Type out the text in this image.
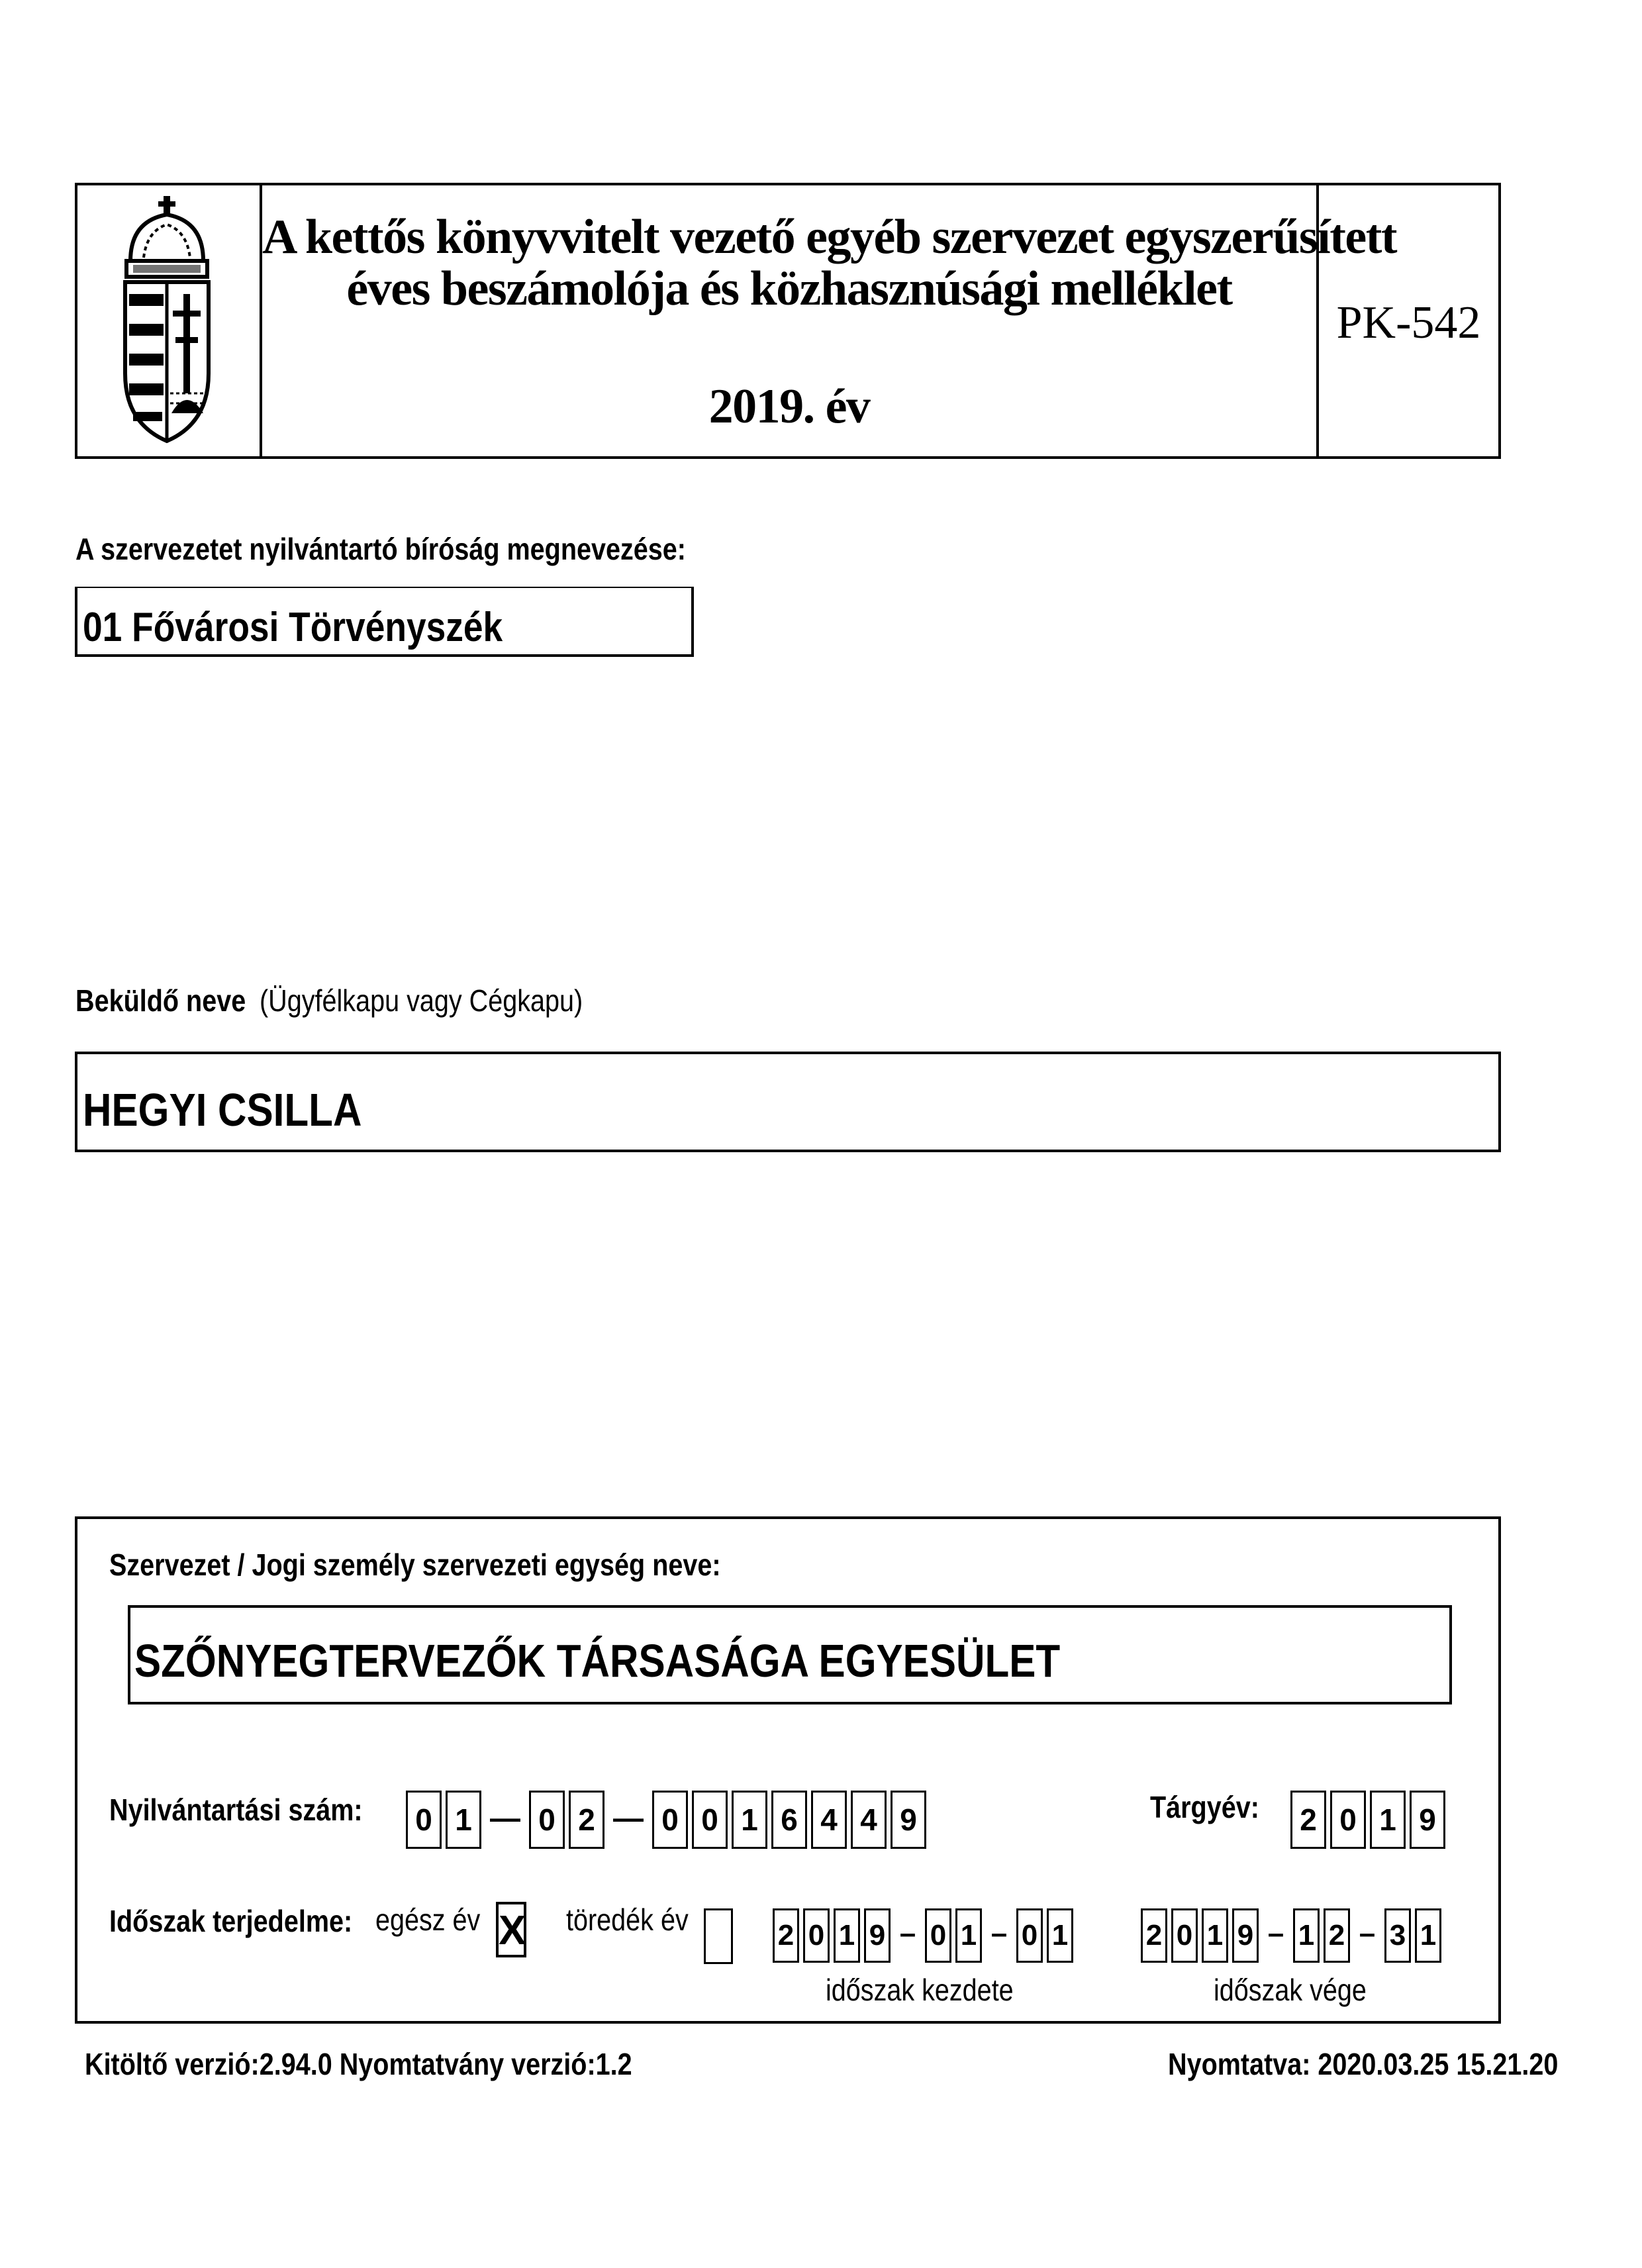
A kettős könyvvitelt vezető egyéb szervezet egyszerűsített
éves beszámolója és közhasznúsági melléklet
2019. év
PK-542
A szervezetet nyilvántartó bíróság megnevezése:
01 Fővárosi Törvényszék
Beküldő neve (Ügyfélkapu vagy Cégkapu)
HEGYI CSILLA
Szervezet / Jogi személy szervezeti egység neve:
SZŐNYEGTERVEZŐK TÁRSASÁGA EGYESÜLET
Nyilvántartási szám:	0 1 — 0 2 — 0 0 1 6 4 4 9	Tárgyév:	2 0 1 9
Időszak terjedelme: egész év X töredék év	2 0 1 9 – 0 1 – 0 1
időszak kezdete
2 0 1 9 – 1 2 – 3 1
időszak vége
Kitöltő verzió:2.94.0 Nyomtatvány verzió:1.2	Nyomtatva: 2020.03.25 15.21.20
